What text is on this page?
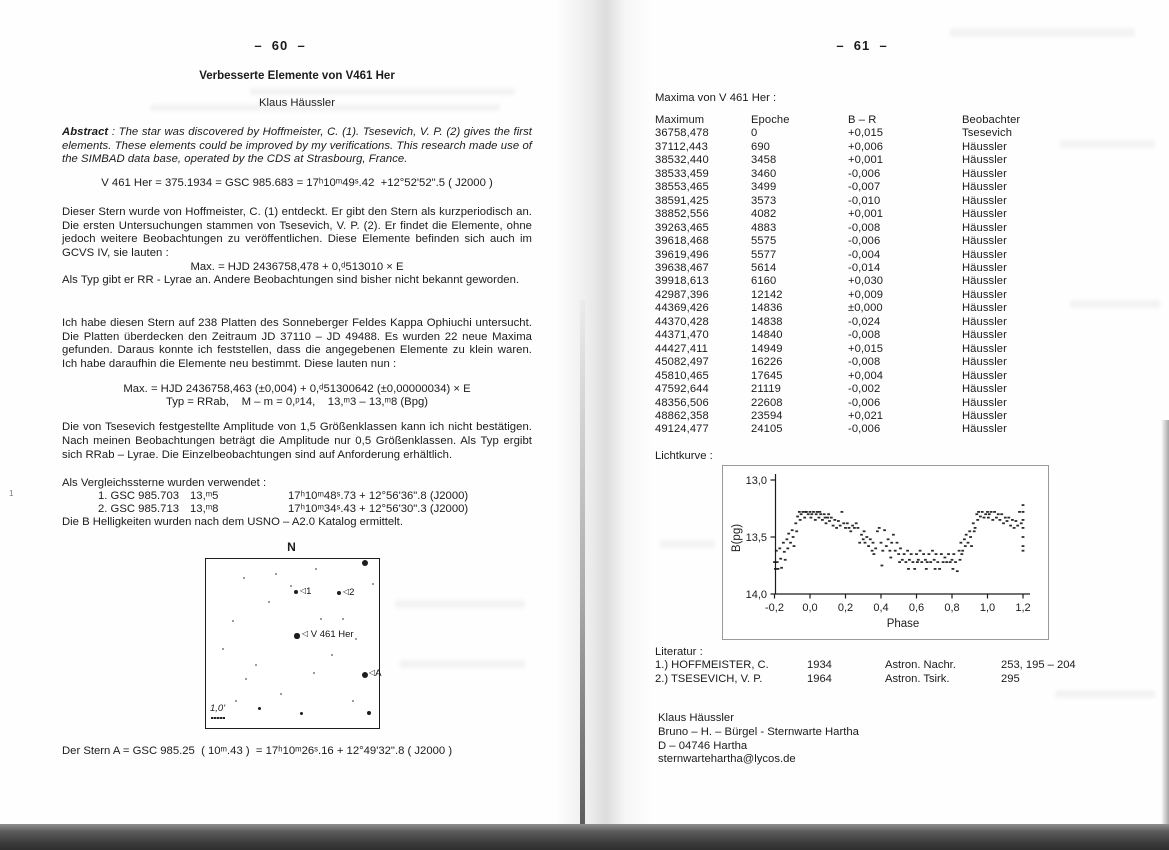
–  60  –
Verbesserte Elemente von V461 Her
Klaus Häussler

Abstract : The star was discovered by Hoffmeister, C. (1). Tsesevich, V. P. (2) gives the first elements. These elements could be improved by my verifications. This research made use of the SIMBAD data base, operated by the CDS at Strasbourg, France.

V 461 Her = 375.1934 = GSC 985.683 = 17ʰ10ᵐ49ˢ.42  +12°52'52".5 ( J2000 )

Dieser Stern wurde von Hoffmeister, C. (1) entdeckt. Er gibt den Stern als kurzperiodisch an. Die ersten Untersuchungen stammen von Tsesevich, V. P. (2). Er findet die Elemente, ohne jedoch weitere Beobachtungen zu veröffentlichen. Diese Elemente befinden sich auch im GCVS IV, sie lauten :

Max. = HJD 2436758,478 + 0,ᵈ513010 × E

Als Typ gibt er RR - Lyrae an. Andere Beobachtungen sind bisher nicht bekannt geworden.

Ich habe diesen Stern auf 238 Platten des Sonneberger Feldes Kappa Ophiuchi untersucht. Die Platten überdecken den Zeitraum JD 37110 – JD 49488. Es wurden 22 neue Maxima gefunden. Daraus konnte ich feststellen, dass die angegebenen Elemente zu klein waren. Ich habe daraufhin die Elemente neu bestimmt. Diese lauten nun :

Max. = HJD 2436758,463 (±0,004) + 0,ᵈ51300642 (±0,00000034) × E
Typ = RRab,    M – m = 0,ᵖ14,    13,ᵐ3 – 13,ᵐ8 (Bpg)

Die von Tsesevich festgestellte Amplitude von 1,5 Größenklassen kann ich nicht bestätigen. Nach meinen Beobachtungen beträgt die Amplitude nur 0,5 Größenklassen. Als Typ ergibt sich RRab – Lyrae. Die Einzelbeobachtungen sind auf Anforderung erhältlich.

Als Vergleichssterne wurden verwendet :
1. GSC 985.703 13,ᵐ5	17ʰ10ᵐ48ˢ.73 + 12°56'36".8 (J2000)
2. GSC 985.713 13,ᵐ8	17ʰ10ᵐ34ˢ.43 + 12°56'30".3 (J2000)
Die B Helligkeiten wurden nach dem USNO – A2.0 Katalog ermittelt.
N
1,0'
◁1	◁2
◁ V 461 Her
◁A
Der Stern A = GSC 985.25  ( 10ᵐ.43 )  = 17ʰ10ᵐ26ˢ.16 + 12°49'32".8 ( J2000 )
1
–  61  –
Maxima von V 461 Her :
Maximum	Epoche	B – R	Beobachter
36758,478	0	+0,015	Tsesevich
37112,443	690	+0,006	Häussler
38532,440	3458	+0,001	Häussler
38533,459	3460	-0,006	Häussler
38553,465	3499	-0,007	Häussler
38591,425	3573	-0,010	Häussler
38852,556	4082	+0,001	Häussler
39263,465	4883	-0,008	Häussler
39618,468	5575	-0,006	Häussler
39619,496	5577	-0,004	Häussler
39638,467	5614	-0,014	Häussler
39918,613	6160	+0,030	Häussler
42987,396	12142	+0,009	Häussler
44369,426	14836	±0,000	Häussler
44370,428	14838	-0,024	Häussler
44371,470	14840	-0,008	Häussler
44427,411	14949	+0,015	Häussler
45082,497	16226	-0,008	Häussler
45810,465	17645	+0,004	Häussler
47592,644	21119	-0,002	Häussler
48356,506	22608	-0,006	Häussler
48862,358	23594	+0,021	Häussler
49124,477	24105	-0,006	Häussler
Lichtkurve :
13,0
13,5
14,0
-0,2 0,0 0,2 0,4 0,6 0,8 1,0 1,2
Phase
B(pg)
Literatur :
1.) HOFFMEISTER, C.	1934	Astron. Nachr.	253, 195 – 204
2.) TSESEVICH, V. P.	1964	Astron. Tsirk.	295
Klaus Häussler
Bruno – H. – Bürgel - Sternwarte Hartha
D – 04746 Hartha
sternwartehartha@lycos.de
